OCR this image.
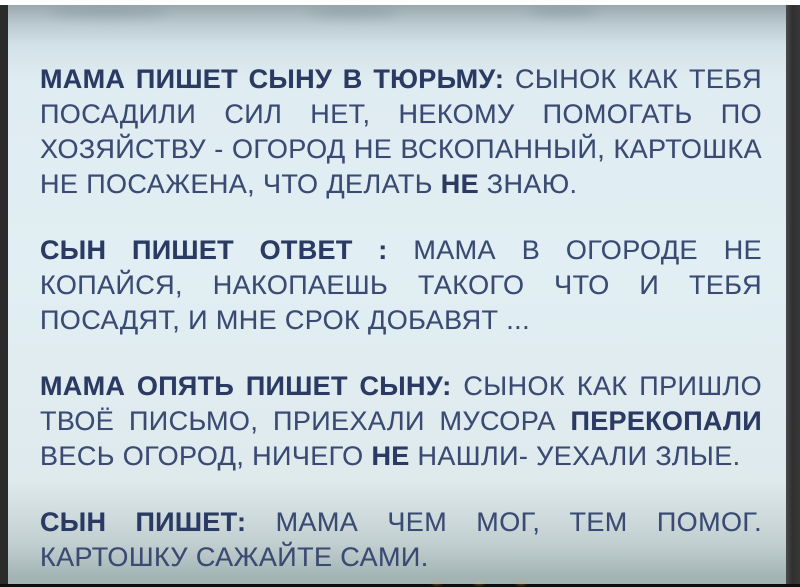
МАМА ПИШЕТ СЫНУ В ТЮРЬМУ: СЫНОК КАК ТЕБЯ ПОСАДИЛИ СИЛ НЕТ, НЕКОМУ ПОМОГАТЬ ПО ХОЗЯЙСТВУ - ОГОРОД НЕ ВСКОПАННЫЙ, КАРТОШКА НЕ ПОСАЖЕНА, ЧТО ДЕЛАТЬ НЕ ЗНАЮ.

СЫН ПИШЕТ ОТВЕТ : МАМА В ОГОРОДЕ НЕ КОПАЙСЯ, НАКОПАЕШЬ ТАКОГО ЧТО И ТЕБЯ ПОСАДЯТ, И МНЕ СРОК ДОБАВЯТ ...

МАМА ОПЯТЬ ПИШЕТ СЫНУ: СЫНОК КАК ПРИШЛО ТВОЁ ПИСЬМО, ПРИЕХАЛИ МУСОРА ПЕРЕКОПАЛИ ВЕСЬ ОГОРОД, НИЧЕГО НЕ НАШЛИ- УЕХАЛИ ЗЛЫЕ.

СЫН ПИШЕТ: МАМА ЧЕМ МОГ, ТЕМ ПОМОГ. КАРТОШКУ САЖАЙТЕ САМИ.
